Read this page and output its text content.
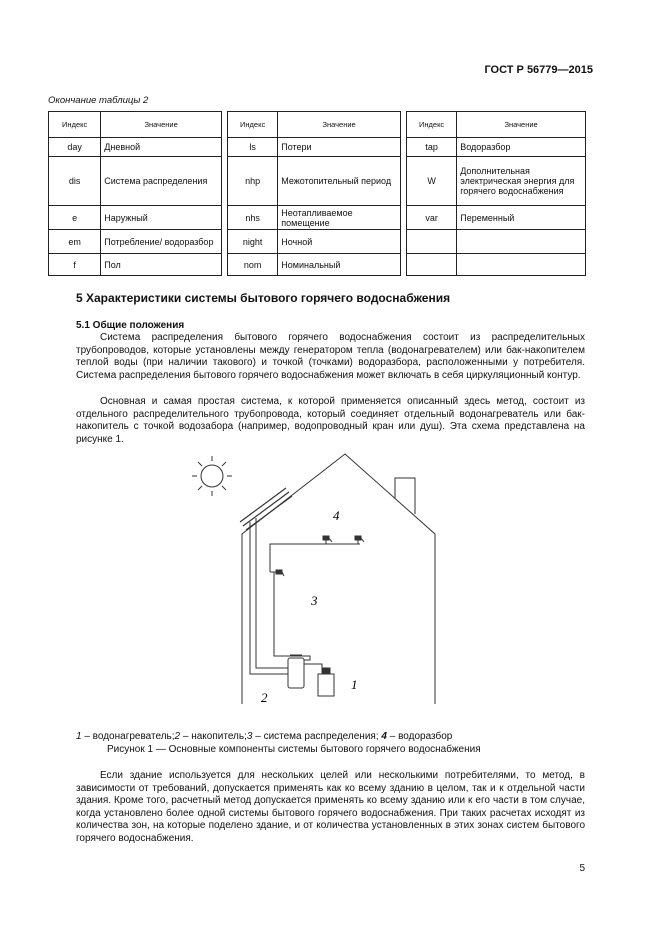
ГОСТ Р 56779—2015
Окончание таблицы 2
Индекс	Значение		Индекс	Значение		Индекс	Значение
day	Дневной		ls	Потери		tap	Водоразбор
dis	Система распределения		nhp	Межотопительный период		W	Дополнительная электрическая энергия для горячего водоснабжения
e	Наружный		nhs	Неотапливаемое помещение		var	Переменный
em	Потребление/ водоразбор		night	Ночной			
f	Пол		nom	Номинальный			
5 Характеристики системы бытового горячего водоснабжения
5.1 Общие положения

Система распределения бытового горячего водоснабжения состоит из распределительных трубопроводов, которые установлены между генератором тепла (водонагревателем) или бак-накопителем теплой воды (при наличии такового) и точкой (точками) водоразбора, расположенными у потребителя. Система распределения бытового горячего водоснабжения может включать в себя циркуляционный контур.

Основная и самая простая система, к которой применяется описанный здесь метод, состоит из отдельного распределительного трубопровода, который соединяет отдельный водонагреватель или бак-накопитель с точкой водозабора (например, водопроводный кран или душ). Эта схема представлена на рисунке 1.

4
3
2
1
1 – водонагреватель;2 – накопитель;3 – система распределения; 4 – водоразбор
Рисунок 1 — Основные компоненты системы бытового горячего водоснабжения

Если здание используется для нескольких целей или несколькими потребителями, то метод, в зависимости от требований, допускается применять как ко всему зданию в целом, так и к отдельной части здания. Кроме того, расчетный метод допускается применять ко всему зданию или к его части в том случае, когда установлено более одной системы бытового горячего водоснабжения. При таких расчетах исходят из количества зон, на которые поделено здание, и от количества установленных в этих зонах систем бытового горячего водоснабжения.

5
